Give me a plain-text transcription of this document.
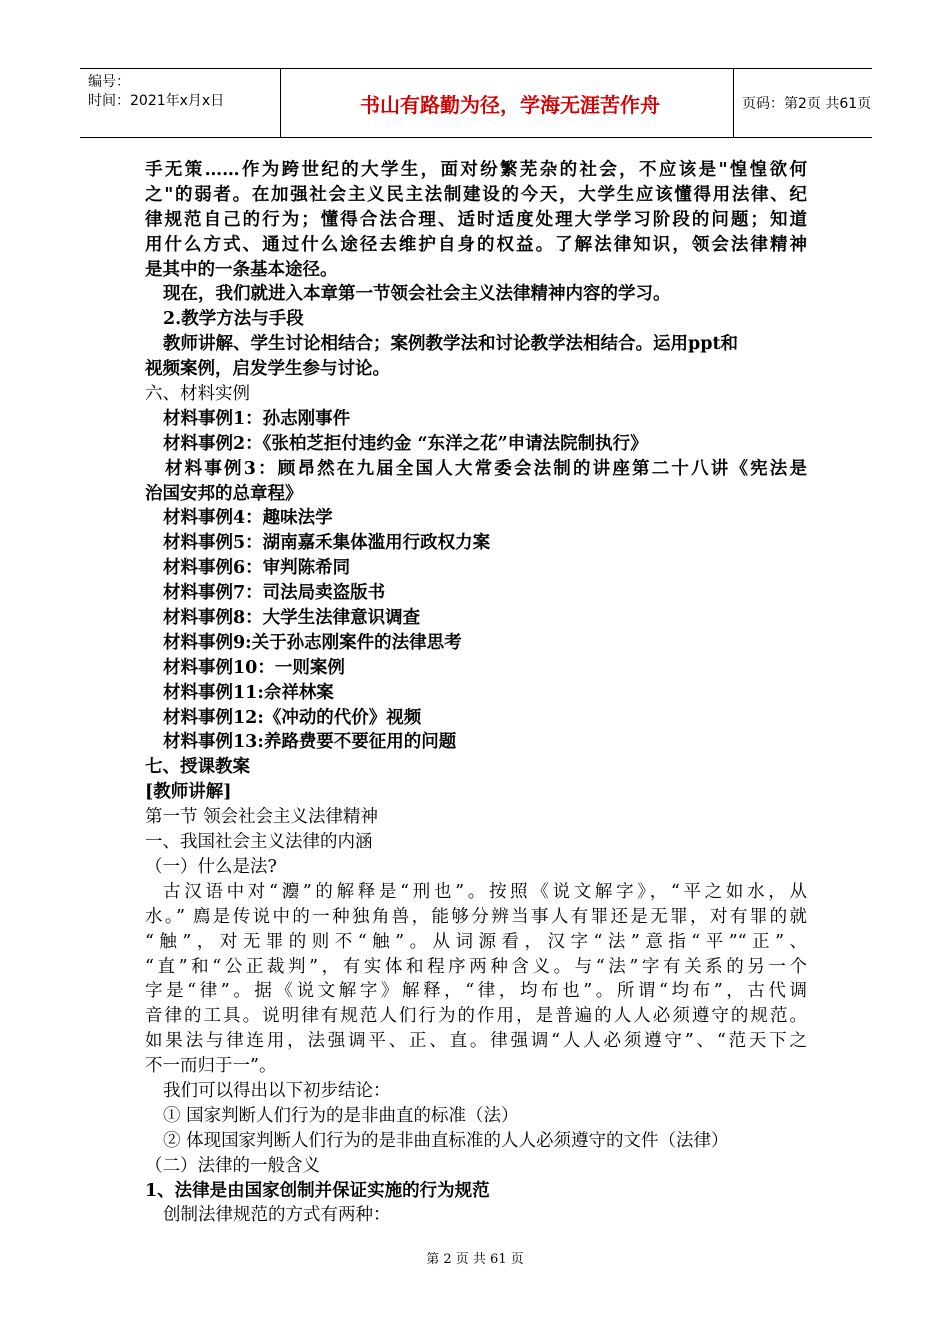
编号：
时间：2021年x月x日	书山有路勤为径，学海无涯苦作舟	页码：第2页 共61页
手无策……作为跨世纪的大学生，面对纷繁芜杂的社会，不应该是"惶惶欲何
之"的弱者。在加强社会主义民主法制建设的今天，大学生应该懂得用法律、纪
律规范自己的行为；懂得合法合理、适时适度处理大学学习阶段的问题；知道
用什么方式、通过什么途径去维护自身的权益。了解法律知识，领会法律精神
是其中的一条基本途径。
现在，我们就进入本章第一节领会社会主义法律精神内容的学习。
2.教学方法与手段
教师讲解、学生讨论相结合；案例教学法和讨论教学法相结合。运用ppt和
视频案例，启发学生参与讨论。
六、材料实例
材料事例1：孙志刚事件
材料事例2：《张柏芝拒付违约金 “东洋之花”申请法院制执行》
材料事例3：顾昂然在九届全国人大常委会法制的讲座第二十八讲《宪法是
治国安邦的总章程》
材料事例4：趣味法学
材料事例5：湖南嘉禾集体滥用行政权力案
材料事例6：审判陈希同
材料事例7：司法局卖盗版书
材料事例8：大学生法律意识调查
材料事例9:关于孙志刚案件的法律思考
材料事例10：一则案例
材料事例11:佘祥林案
材料事例12:《冲动的代价》视频
材料事例13:养路费要不要征用的问题
七、授课教案
[教师讲解]
第一节 领会社会主义法律精神
一、我国社会主义法律的内涵
（一）什么是法?
古汉语中对“灋”的解释是“刑也”。按照《说文解字》，“平之如水，从
水。” 廌是传说中的一种独角兽，能够分辨当事人有罪还是无罪，对有罪的就
“触”，对无罪的则不“触”。从词源看，汉字“法”意指“平”“正”、
“直”和“公正裁判”，有实体和程序两种含义。与“法”字有关系的另一个
字是“律”。据《说文解字》解释，“律，均布也”。所谓“均布”，古代调
音律的工具。说明律有规范人们行为的作用，是普遍的人人必须遵守的规范。
如果法与律连用，法强调平、正、直。律强调“人人必须遵守”、“范天下之
不一而归于一”。
我们可以得出以下初步结论：
① 国家判断人们行为的是非曲直的标准（法）
② 体现国家判断人们行为的是非曲直标准的人人必须遵守的文件（法律）
（二）法律的一般含义
1、法律是由国家创制并保证实施的行为规范
创制法律规范的方式有两种：
第 2 页 共 61 页
